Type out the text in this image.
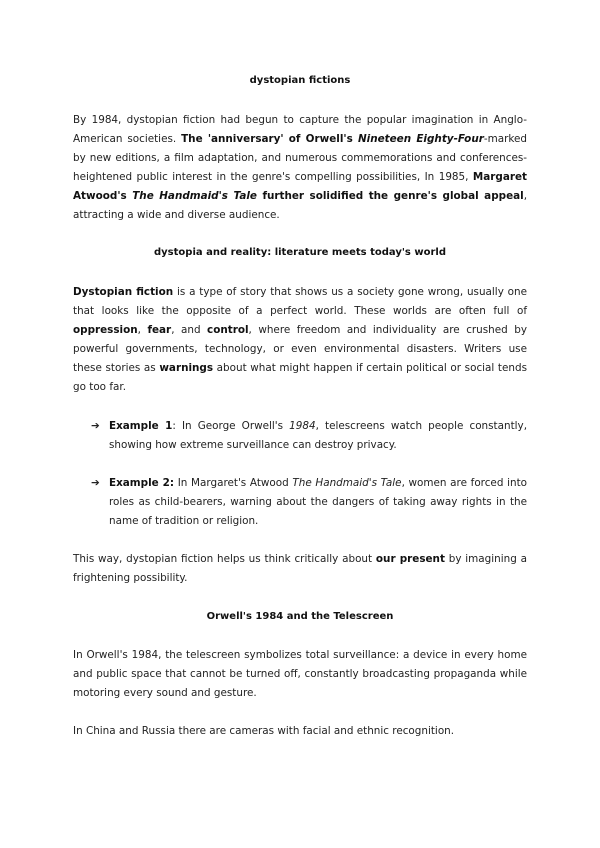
dystopian fictions

By 1984, dystopian fiction had begun to capture the popular imagination in Anglo-American societies. The 'anniversary' of Orwell's Nineteen Eighty-Four-marked by new editions, a film adaptation, and numerous commemorations and conferences-heightened public interest in the genre's compelling possibilities, In 1985, Margaret Atwood's The Handmaid's Tale further solidified the genre's global appeal, attracting a wide and diverse audience.

dystopia and reality: literature meets today's world

Dystopian fiction is a type of story that shows us a society gone wrong, usually one that looks like the opposite of a perfect world. These worlds are often full of oppression, fear, and control, where freedom and individuality are crushed by powerful governments, technology, or even environmental disasters. Writers use these stories as warnings about what might happen if certain political or social tends go too far.

➔ Example 1: In George Orwell's 1984, telescreens watch people constantly, showing how extreme surveillance can destroy privacy.
➔ Example 2: In Margaret's Atwood The Handmaid's Tale, women are forced into roles as child-bearers, warning about the dangers of taking away rights in the name of tradition or religion.

This way, dystopian fiction helps us think critically about our present by imagining a frightening possibility.

Orwell's 1984 and the Telescreen

In Orwell's 1984, the telescreen symbolizes total surveillance: a device in every home and public space that cannot be turned off, constantly broadcasting propaganda while motoring every sound and gesture.

In China and Russia there are cameras with facial and ethnic recognition.
